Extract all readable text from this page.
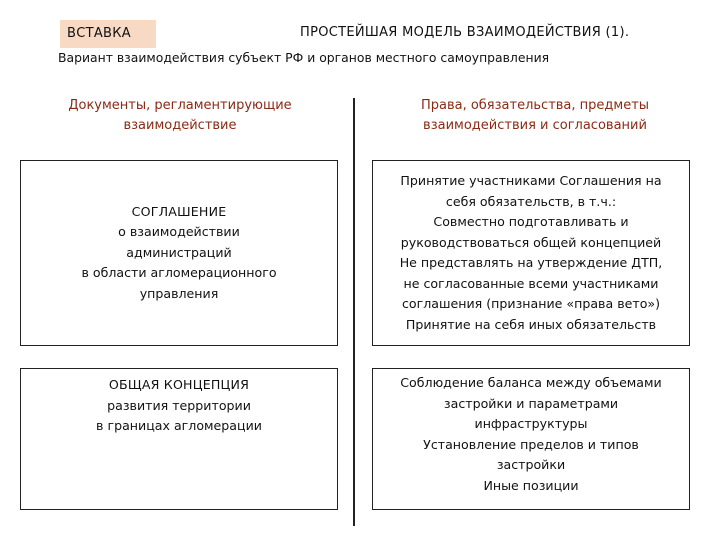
ВСТАВКА	ПРОСТЕЙШАЯ МОДЕЛЬ ВЗАИМОДЕЙСТВИЯ (1).
Вариант взаимодействия субъект РФ и органов местного самоуправления
Документы, регламентирующие
взаимодействие
Права, обязательства, предметы
взаимодействия и согласований
СОГЛАШЕНИЕ
о взаимодействии
администраций
в области агломерационного
управления
Принятие участниками Соглашения на
себя обязательств, в т.ч.:
Совместно подготавливать и
руководствоваться общей концепцией
Не представлять на утверждение ДТП,
не согласованные всеми участниками
соглашения (признание «права вето»)
Принятие на себя иных обязательств
ОБЩАЯ КОНЦЕПЦИЯ
развития территории
в границах агломерации
Соблюдение баланса между объемами
застройки и параметрами
инфраструктуры
Установление пределов и типов
застройки
Иные позиции
